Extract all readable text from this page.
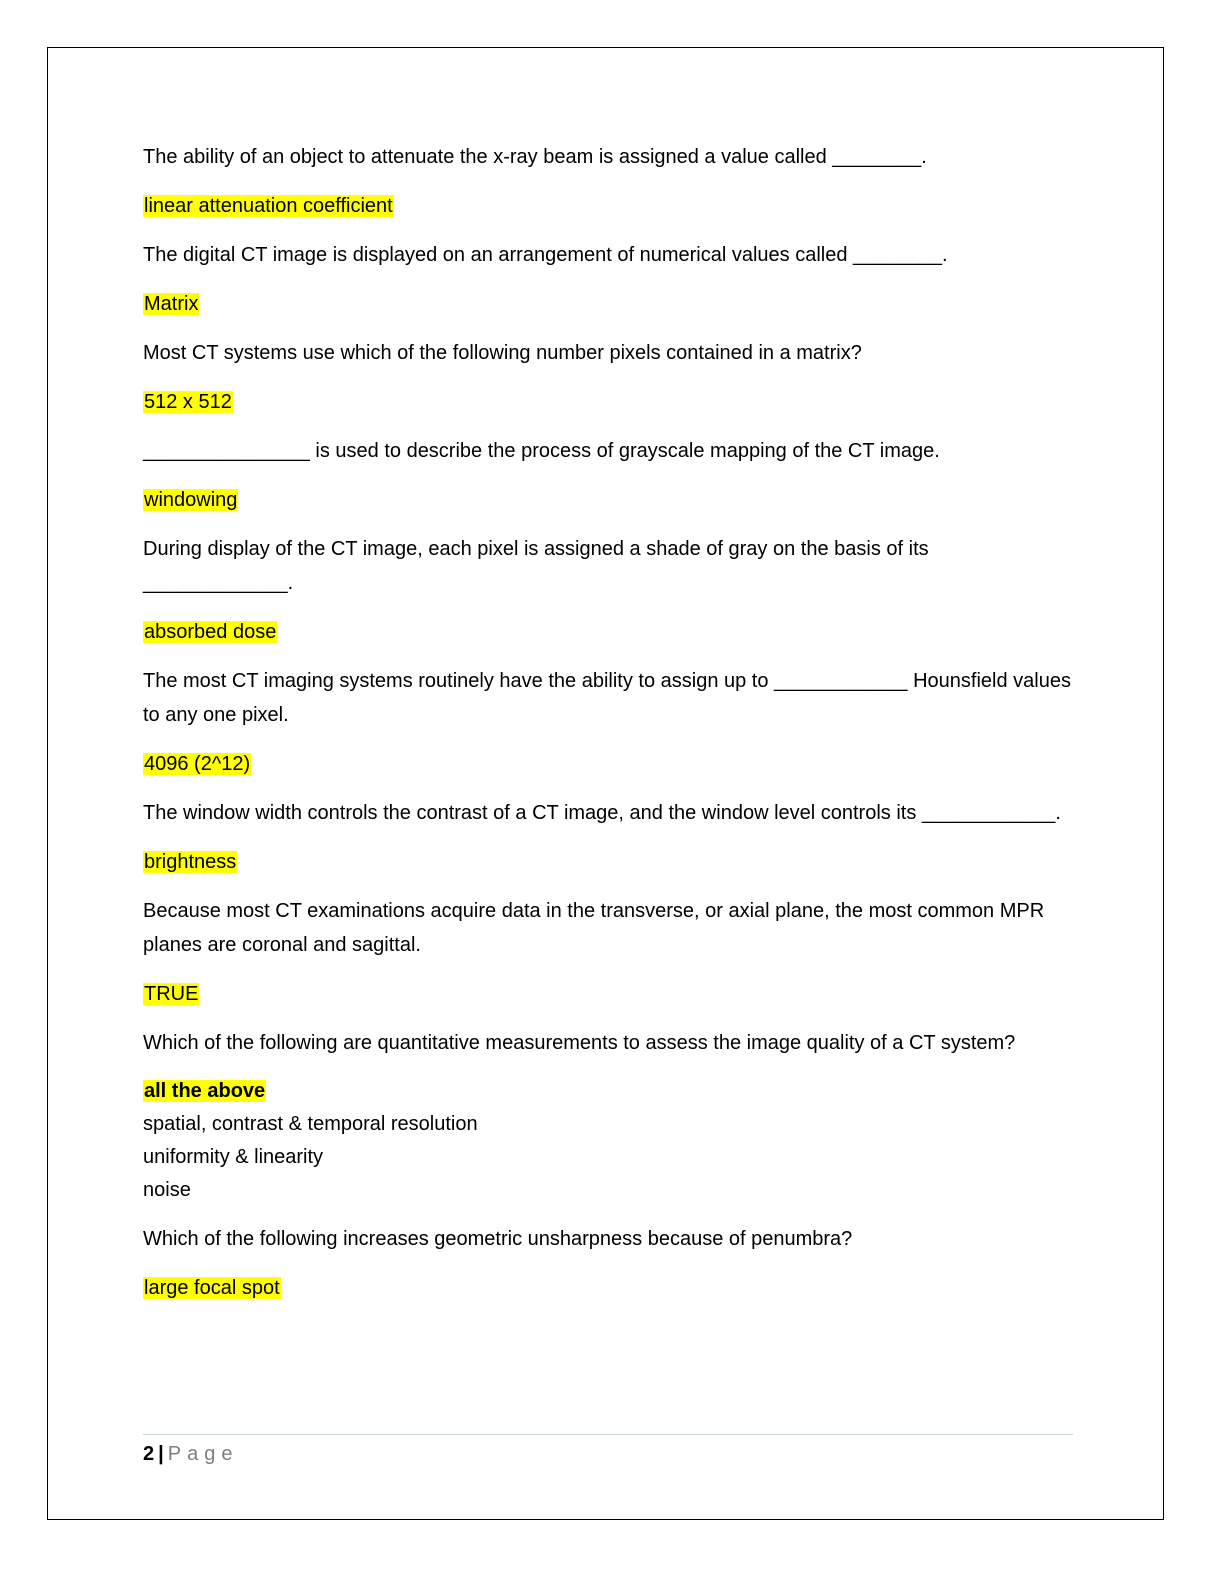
The ability of an object to attenuate the x-ray beam is assigned a value called ________.

linear attenuation coefficient

The digital CT image is displayed on an arrangement of numerical values called ________.

Matrix

Most CT systems use which of the following number pixels contained in a matrix?

512 x 512

_______________ is used to describe the process of grayscale mapping of the CT image.

windowing

During display of the CT image, each pixel is assigned a shade of gray on the basis of its _____________.

absorbed dose

The most CT imaging systems routinely have the ability to assign up to ____________ Hounsfield values to any one pixel.

4096 (2^12)

The window width controls the contrast of a CT image, and the window level controls its ____________.

brightness

Because most CT examinations acquire data in the transverse, or axial plane, the most common MPR planes are coronal and sagittal.

TRUE

Which of the following are quantitative measurements to assess the image quality of a CT system?

all the above
spatial, contrast & temporal resolution
uniformity & linearity
noise

Which of the following increases geometric unsharpness because of penumbra?

large focal spot

2 | Page
